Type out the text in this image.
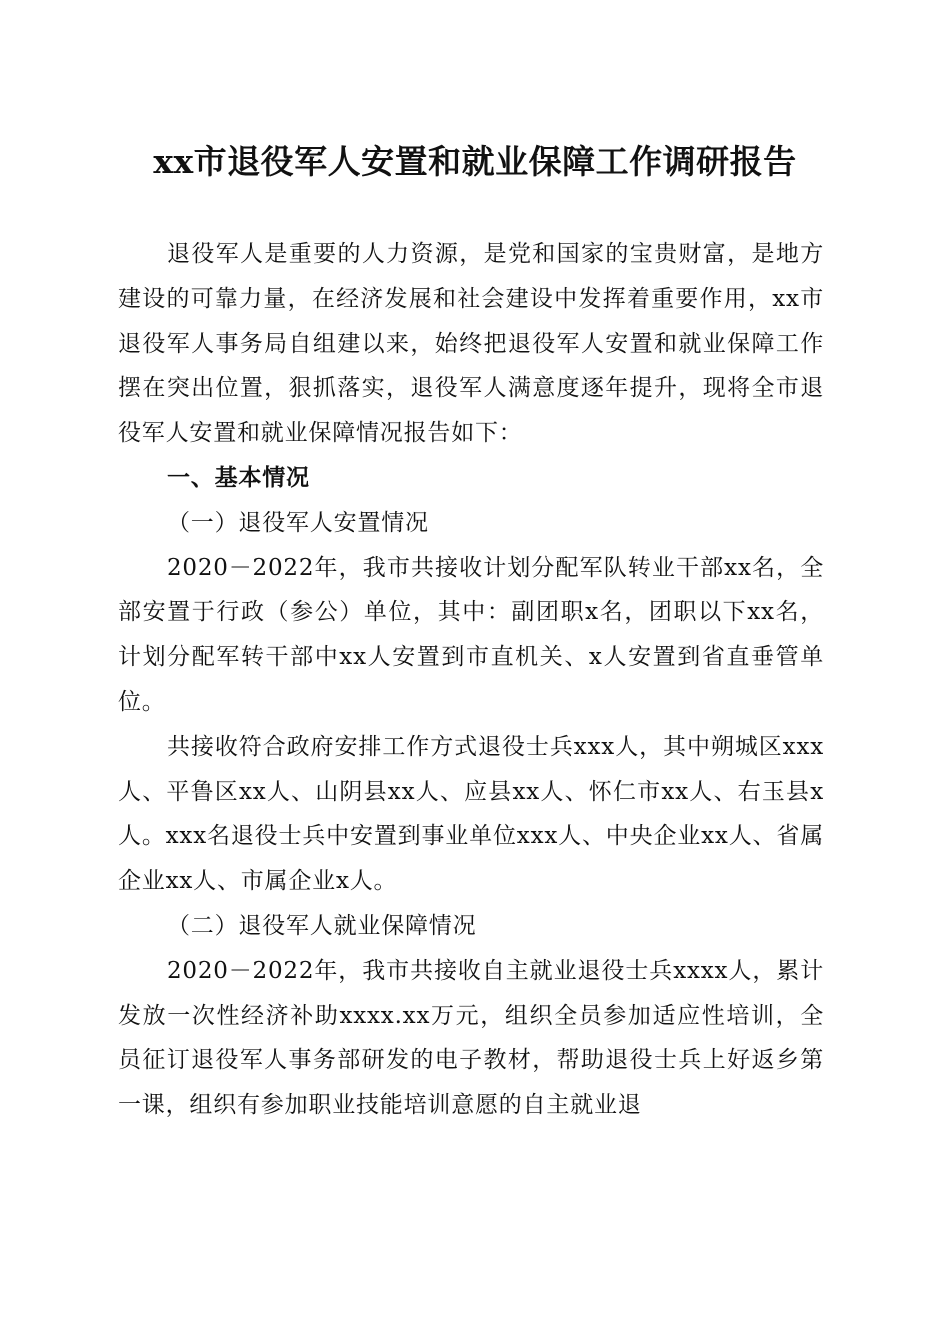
xx市退役军人安置和就业保障工作调研报告

退役军人是重要的人力资源，是党和国家的宝贵财富，是地方建设的可靠力量，在经济发展和社会建设中发挥着重要作用，xx市退役军人事务局自组建以来，始终把退役军人安置和就业保障工作摆在突出位置，狠抓落实，退役军人满意度逐年提升，现将全市退役军人安置和就业保障情况报告如下：

一、基本情况

（一）退役军人安置情况

2020－2022年，我市共接收计划分配军队转业干部xx名，全部安置于行政（参公）单位，其中：副团职x名，团职以下xx名，计划分配军转干部中xx人安置到市直机关、x人安置到省直垂管单位。

共接收符合政府安排工作方式退役士兵xxx人，其中朔城区xxx人、平鲁区xx人、山阴县xx人、应县xx人、怀仁市xx人、右玉县x人。xxx名退役士兵中安置到事业单位xxx人、中央企业xx人、省属企业xx人、市属企业x人。

（二）退役军人就业保障情况

2020－2022年，我市共接收自主就业退役士兵xxxx人，累计发放一次性经济补助xxxx.xx万元，组织全员参加适应性培训，全员征订退役军人事务部研发的电子教材，帮助退役士兵上好返乡第一课，组织有参加职业技能培训意愿的自主就业退
